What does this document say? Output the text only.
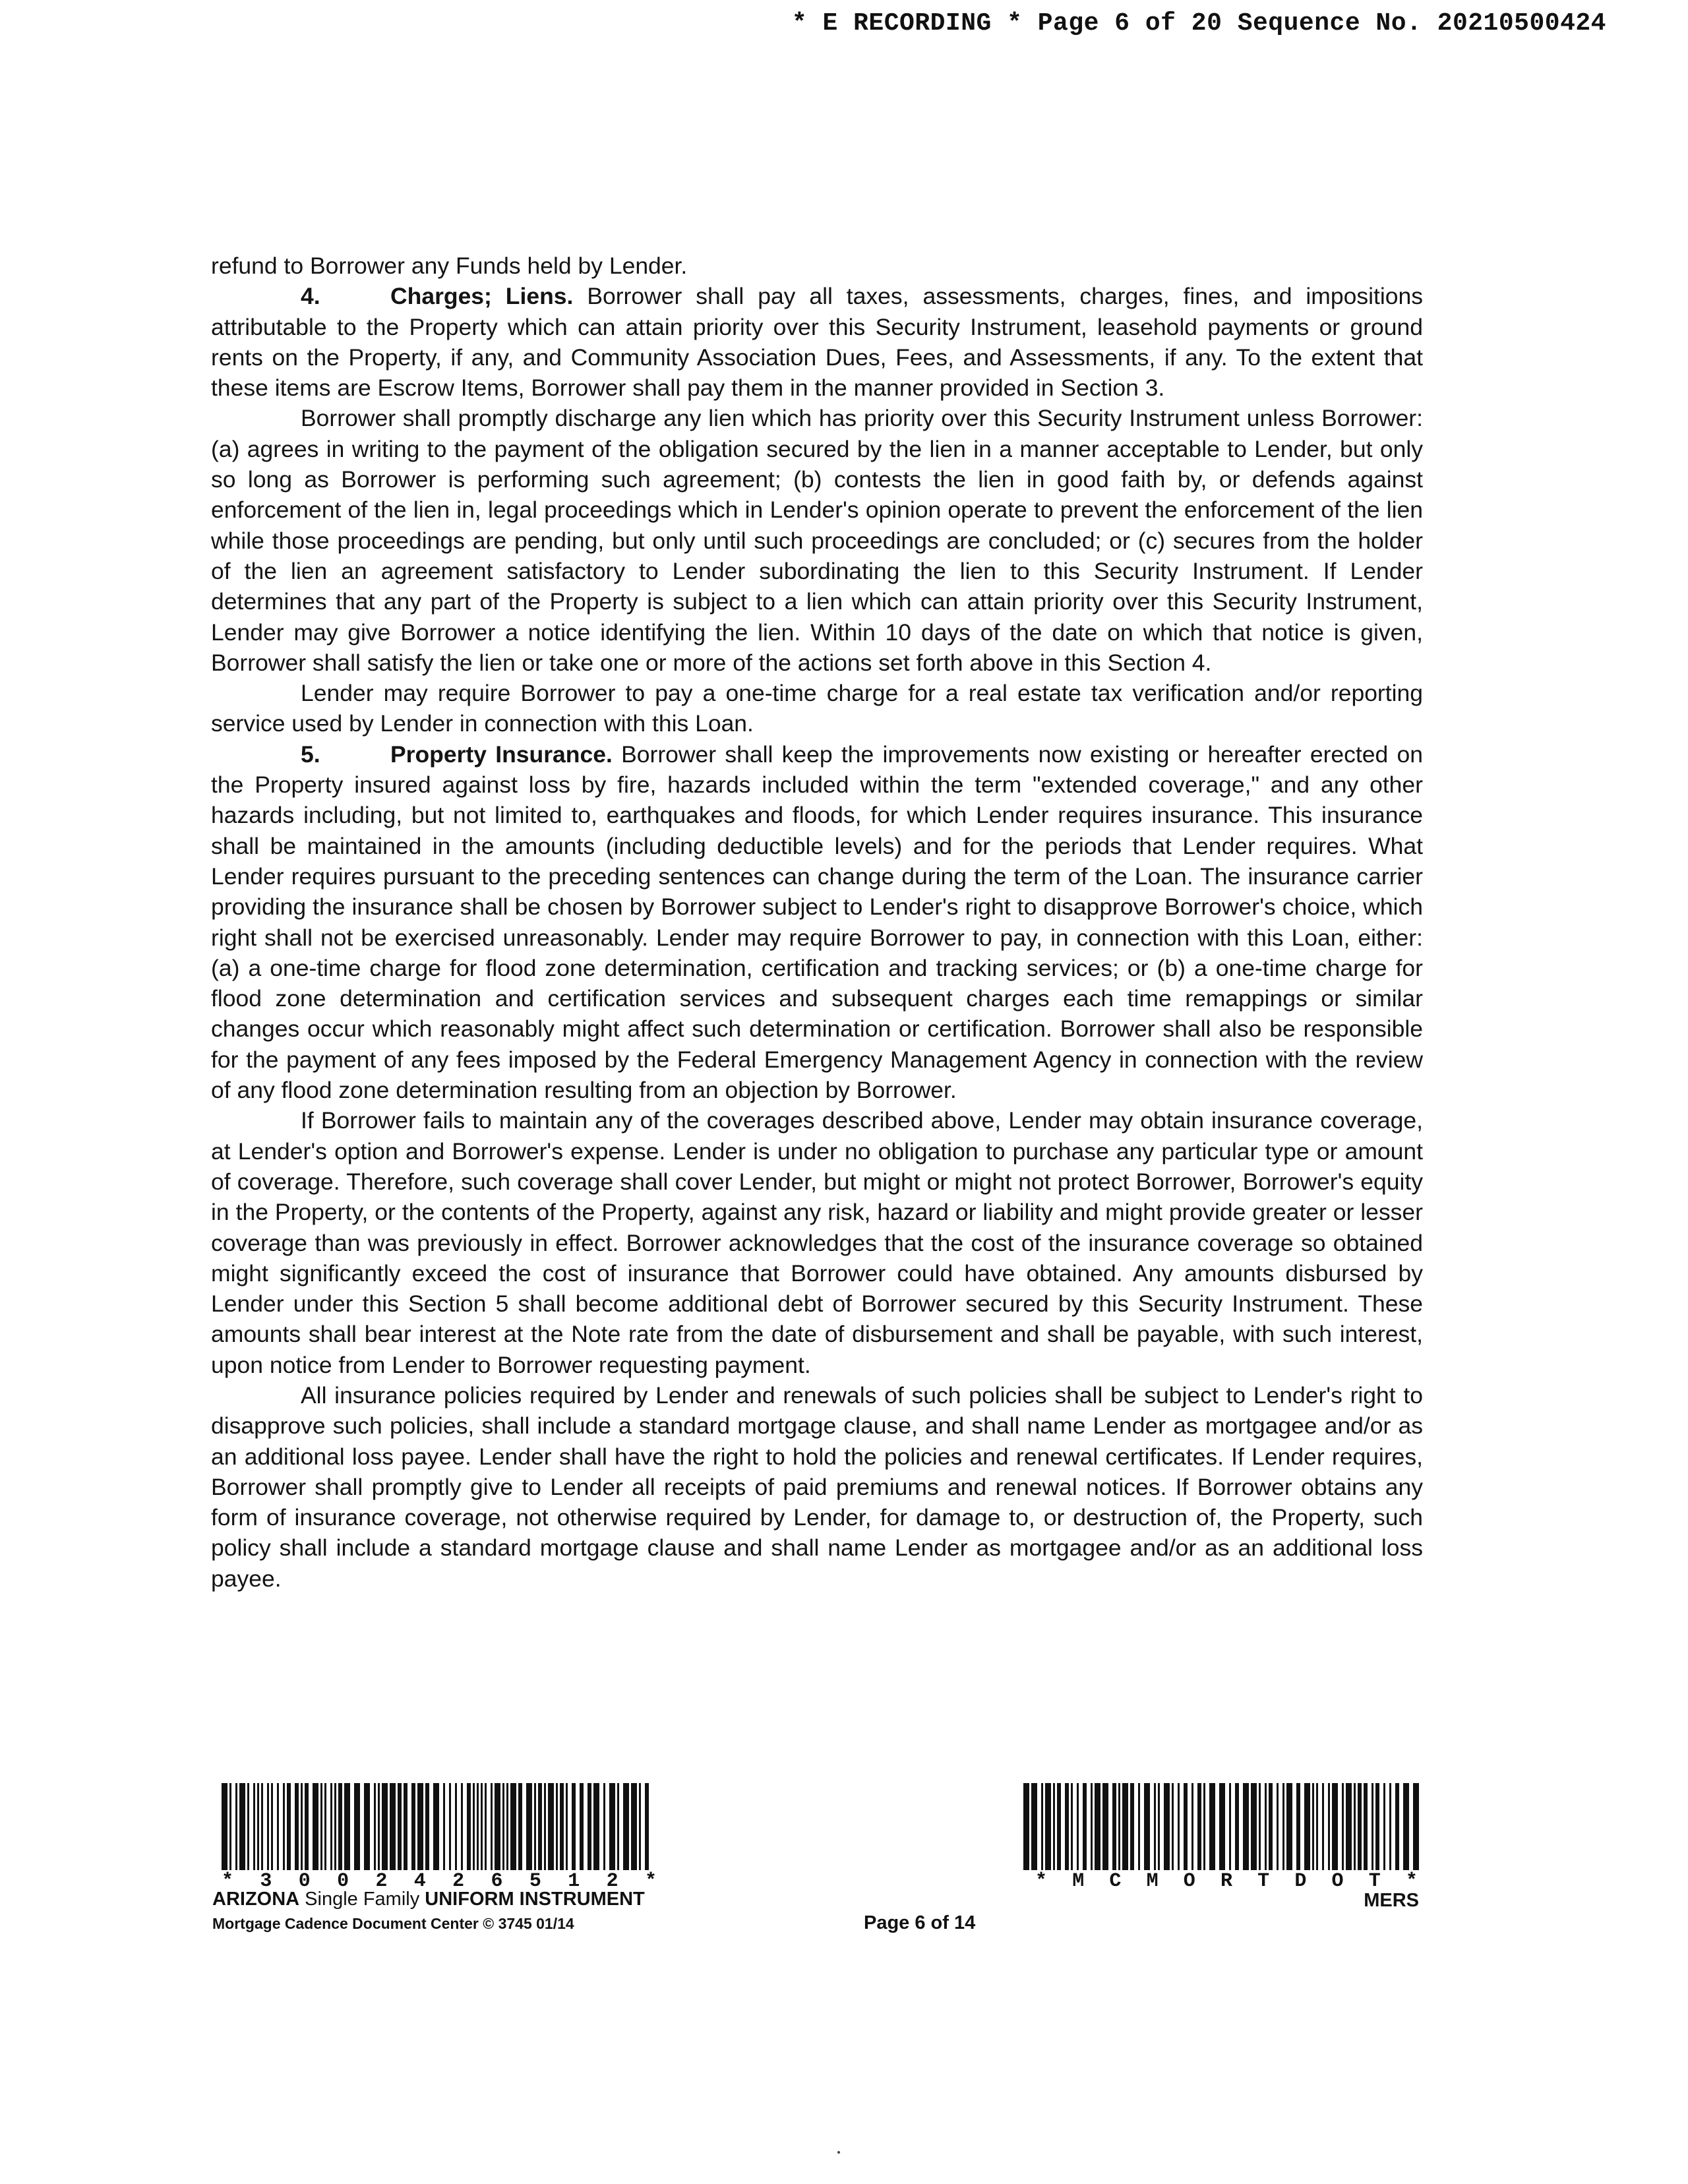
* E RECORDING * Page 6 of 20 Sequence No. 20210500424

refund to Borrower any Funds held by Lender.

4.	Charges; Liens. Borrower shall pay all taxes, assessments, charges, fines, and impositions attributable to the Property which can attain priority over this Security Instrument, leasehold payments or ground rents on the Property, if any, and Community Association Dues, Fees, and Assessments, if any. To the extent that these items are Escrow Items, Borrower shall pay them in the manner provided in Section 3.

Borrower shall promptly discharge any lien which has priority over this Security Instrument unless Borrower: (a) agrees in writing to the payment of the obligation secured by the lien in a manner acceptable to Lender, but only so long as Borrower is performing such agreement; (b) contests the lien in good faith by, or defends against enforcement of the lien in, legal proceedings which in Lender's opinion operate to prevent the enforcement of the lien while those proceedings are pending, but only until such proceedings are concluded; or (c) secures from the holder of the lien an agreement satisfactory to Lender subordinating the lien to this Security Instrument. If Lender determines that any part of the Property is subject to a lien which can attain priority over this Security Instrument, Lender may give Borrower a notice identifying the lien. Within 10 days of the date on which that notice is given, Borrower shall satisfy the lien or take one or more of the actions set forth above in this Section 4.

Lender may require Borrower to pay a one-time charge for a real estate tax verification and/or reporting service used by Lender in connection with this Loan.

5.	Property Insurance. Borrower shall keep the improvements now existing or hereafter erected on the Property insured against loss by fire, hazards included within the term "extended coverage," and any other hazards including, but not limited to, earthquakes and floods, for which Lender requires insurance. This insurance shall be maintained in the amounts (including deductible levels) and for the periods that Lender requires. What Lender requires pursuant to the preceding sentences can change during the term of the Loan. The insurance carrier providing the insurance shall be chosen by Borrower subject to Lender's right to disapprove Borrower's choice, which right shall not be exercised unreasonably. Lender may require Borrower to pay, in connection with this Loan, either: (a) a one-time charge for flood zone determination, certification and tracking services; or (b) a one-time charge for flood zone determination and certification services and subsequent charges each time remappings or similar changes occur which reasonably might affect such determination or certification. Borrower shall also be responsible for the payment of any fees imposed by the Federal Emergency Management Agency in connection with the review of any flood zone determination resulting from an objection by Borrower.

If Borrower fails to maintain any of the coverages described above, Lender may obtain insurance coverage, at Lender's option and Borrower's expense. Lender is under no obligation to purchase any particular type or amount of coverage. Therefore, such coverage shall cover Lender, but might or might not protect Borrower, Borrower's equity in the Property, or the contents of the Property, against any risk, hazard or liability and might provide greater or lesser coverage than was previously in effect. Borrower acknowledges that the cost of the insurance coverage so obtained might significantly exceed the cost of insurance that Borrower could have obtained. Any amounts disbursed by Lender under this Section 5 shall become additional debt of Borrower secured by this Security Instrument. These amounts shall bear interest at the Note rate from the date of disbursement and shall be payable, with such interest, upon notice from Lender to Borrower requesting payment.

All insurance policies required by Lender and renewals of such policies shall be subject to Lender's right to disapprove such policies, shall include a standard mortgage clause, and shall name Lender as mortgagee and/or as an additional loss payee. Lender shall have the right to hold the policies and renewal certificates. If Lender requires, Borrower shall promptly give to Lender all receipts of paid premiums and renewal notices. If Borrower obtains any form of insurance coverage, not otherwise required by Lender, for damage to, or destruction of, the Property, such policy shall include a standard mortgage clause and shall name Lender as mortgagee and/or as an additional loss payee.

* 3 0 0 2 4 2 6 5 1 2 *	* M C M O R T D O T *
ARIZONA Single Family UNIFORM INSTRUMENT
Mortgage Cadence Document Center © 3745 01/14	Page 6 of 14
MERS
